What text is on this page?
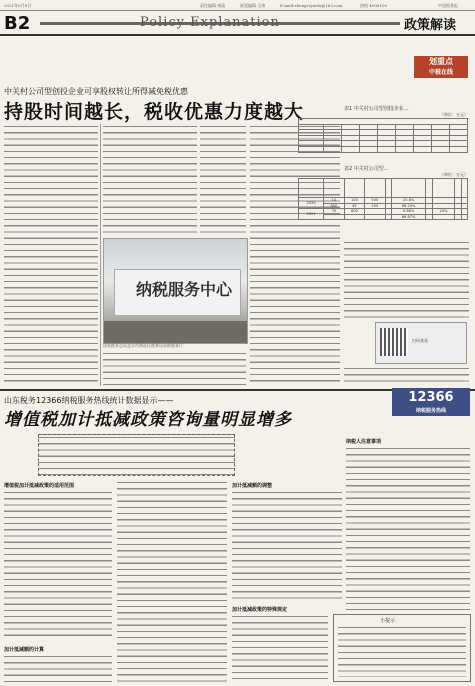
2021年5月8日	责任编辑 康菡	视觉编辑 王康	E-mail:zhengcejiedu@163.com	热线 4006100	中国税务报
B2	Policy Explanation	政策解读
划重点
中税在线
中关村公司型创投企业可享股权转让所得减免税优惠
持股时间越长，税收优惠力度越大
纳税服务中心
国家税务总局北京市海淀区税务局办税服务厅
表1 中关村公司型创投企业...
（单位：万元）

表2 中关村公司型...
（单位：万元）

2020	10	100	500		20.8%				
	800	45	200		66.25%				
2021	70	600			0.66%		25%		
					66.87%				
扫码查看
山东税务12366纳税服务热线统计数据显示——
增值税加计抵减政策咨询量明显增多
12366
纳税服务热线
增值税加计抵减政策的适用范围
加计抵减额的计算
加计抵减额的调整
加计抵减政策的特殊规定
纳税人注意事项
小提示
